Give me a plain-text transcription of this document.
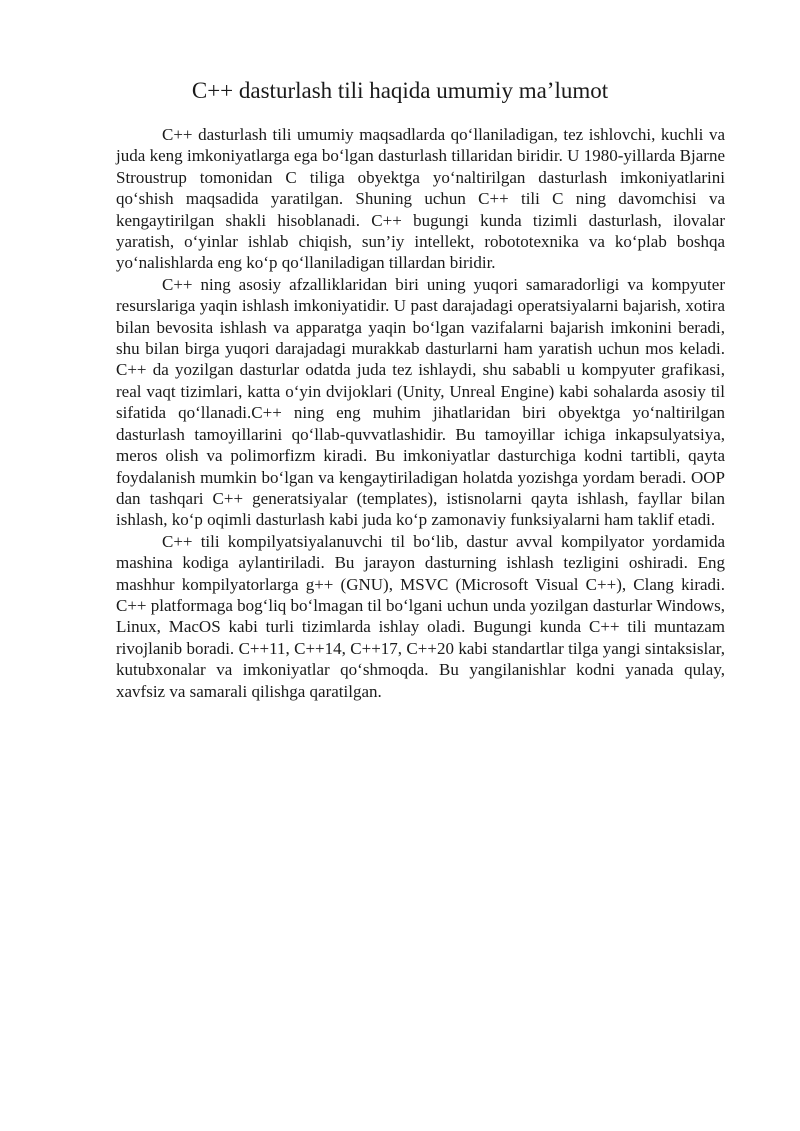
C++ dasturlash tili haqida umumiy ma’lumot

C++ dasturlash tili umumiy maqsadlarda qo‘llaniladigan, tez ishlovchi, kuchli va juda keng imkoniyatlarga ega bo‘lgan dasturlash tillaridan biridir. U 1980-yillarda Bjarne Stroustrup tomonidan C tiliga obyektga yo‘naltirilgan dasturlash imkoniyatlarini qo‘shish maqsadida yaratilgan. Shuning uchun C++ tili C ning davomchisi va kengaytirilgan shakli hisoblanadi. C++ bugungi kunda tizimli dasturlash, ilovalar yaratish, o‘yinlar ishlab chiqish, sun’iy intellekt, robototexnika va ko‘plab boshqa yo‘nalishlarda eng ko‘p qo‘llaniladigan tillardan biridir.

C++ ning asosiy afzalliklaridan biri uning yuqori samaradorligi va kompyuter resurslariga yaqin ishlash imkoniyatidir. U past darajadagi operatsiyalarni bajarish, xotira bilan bevosita ishlash va apparatga yaqin bo‘lgan vazifalarni bajarish imkonini beradi, shu bilan birga yuqori darajadagi murakkab dasturlarni ham yaratish uchun mos keladi. C++ da yozilgan dasturlar odatda juda tez ishlaydi, shu sababli u kompyuter grafikasi, real vaqt tizimlari, katta o‘yin dvijoklari (Unity, Unreal Engine) kabi sohalarda asosiy til sifatida qo‘llanadi.C++ ning eng muhim jihatlaridan biri obyektga yo‘naltirilgan dasturlash tamoyillarini qo‘llab-quvvatlashidir. Bu tamoyillar ichiga inkapsulyatsiya, meros olish va polimorfizm kiradi. Bu imkoniyatlar dasturchiga kodni tartibli, qayta foydalanish mumkin bo‘lgan va kengaytiriladigan holatda yozishga yordam beradi. OOP dan tashqari C++ generatsiyalar (templates), istisnolarni qayta ishlash, fayllar bilan ishlash, ko‘p oqimli dasturlash kabi juda ko‘p zamonaviy funksiyalarni ham taklif etadi.

C++ tili kompilyatsiyalanuvchi til bo‘lib, dastur avval kompilyator yordamida mashina kodiga aylantiriladi. Bu jarayon dasturning ishlash tezligini oshiradi. Eng mashhur kompilyatorlarga g++ (GNU), MSVC (Microsoft Visual C++), Clang kiradi. C++ platformaga bog‘liq bo‘lmagan til bo‘lgani uchun unda yozilgan dasturlar Windows, Linux, MacOS kabi turli tizimlarda ishlay oladi. Bugungi kunda C++ tili muntazam rivojlanib boradi. C++11, C++14, C++17, C++20 kabi standartlar tilga yangi sintaksislar, kutubxonalar va imkoniyatlar qo‘shmoqda. Bu yangilanishlar kodni yanada qulay, xavfsiz va samarali qilishga qaratilgan.
